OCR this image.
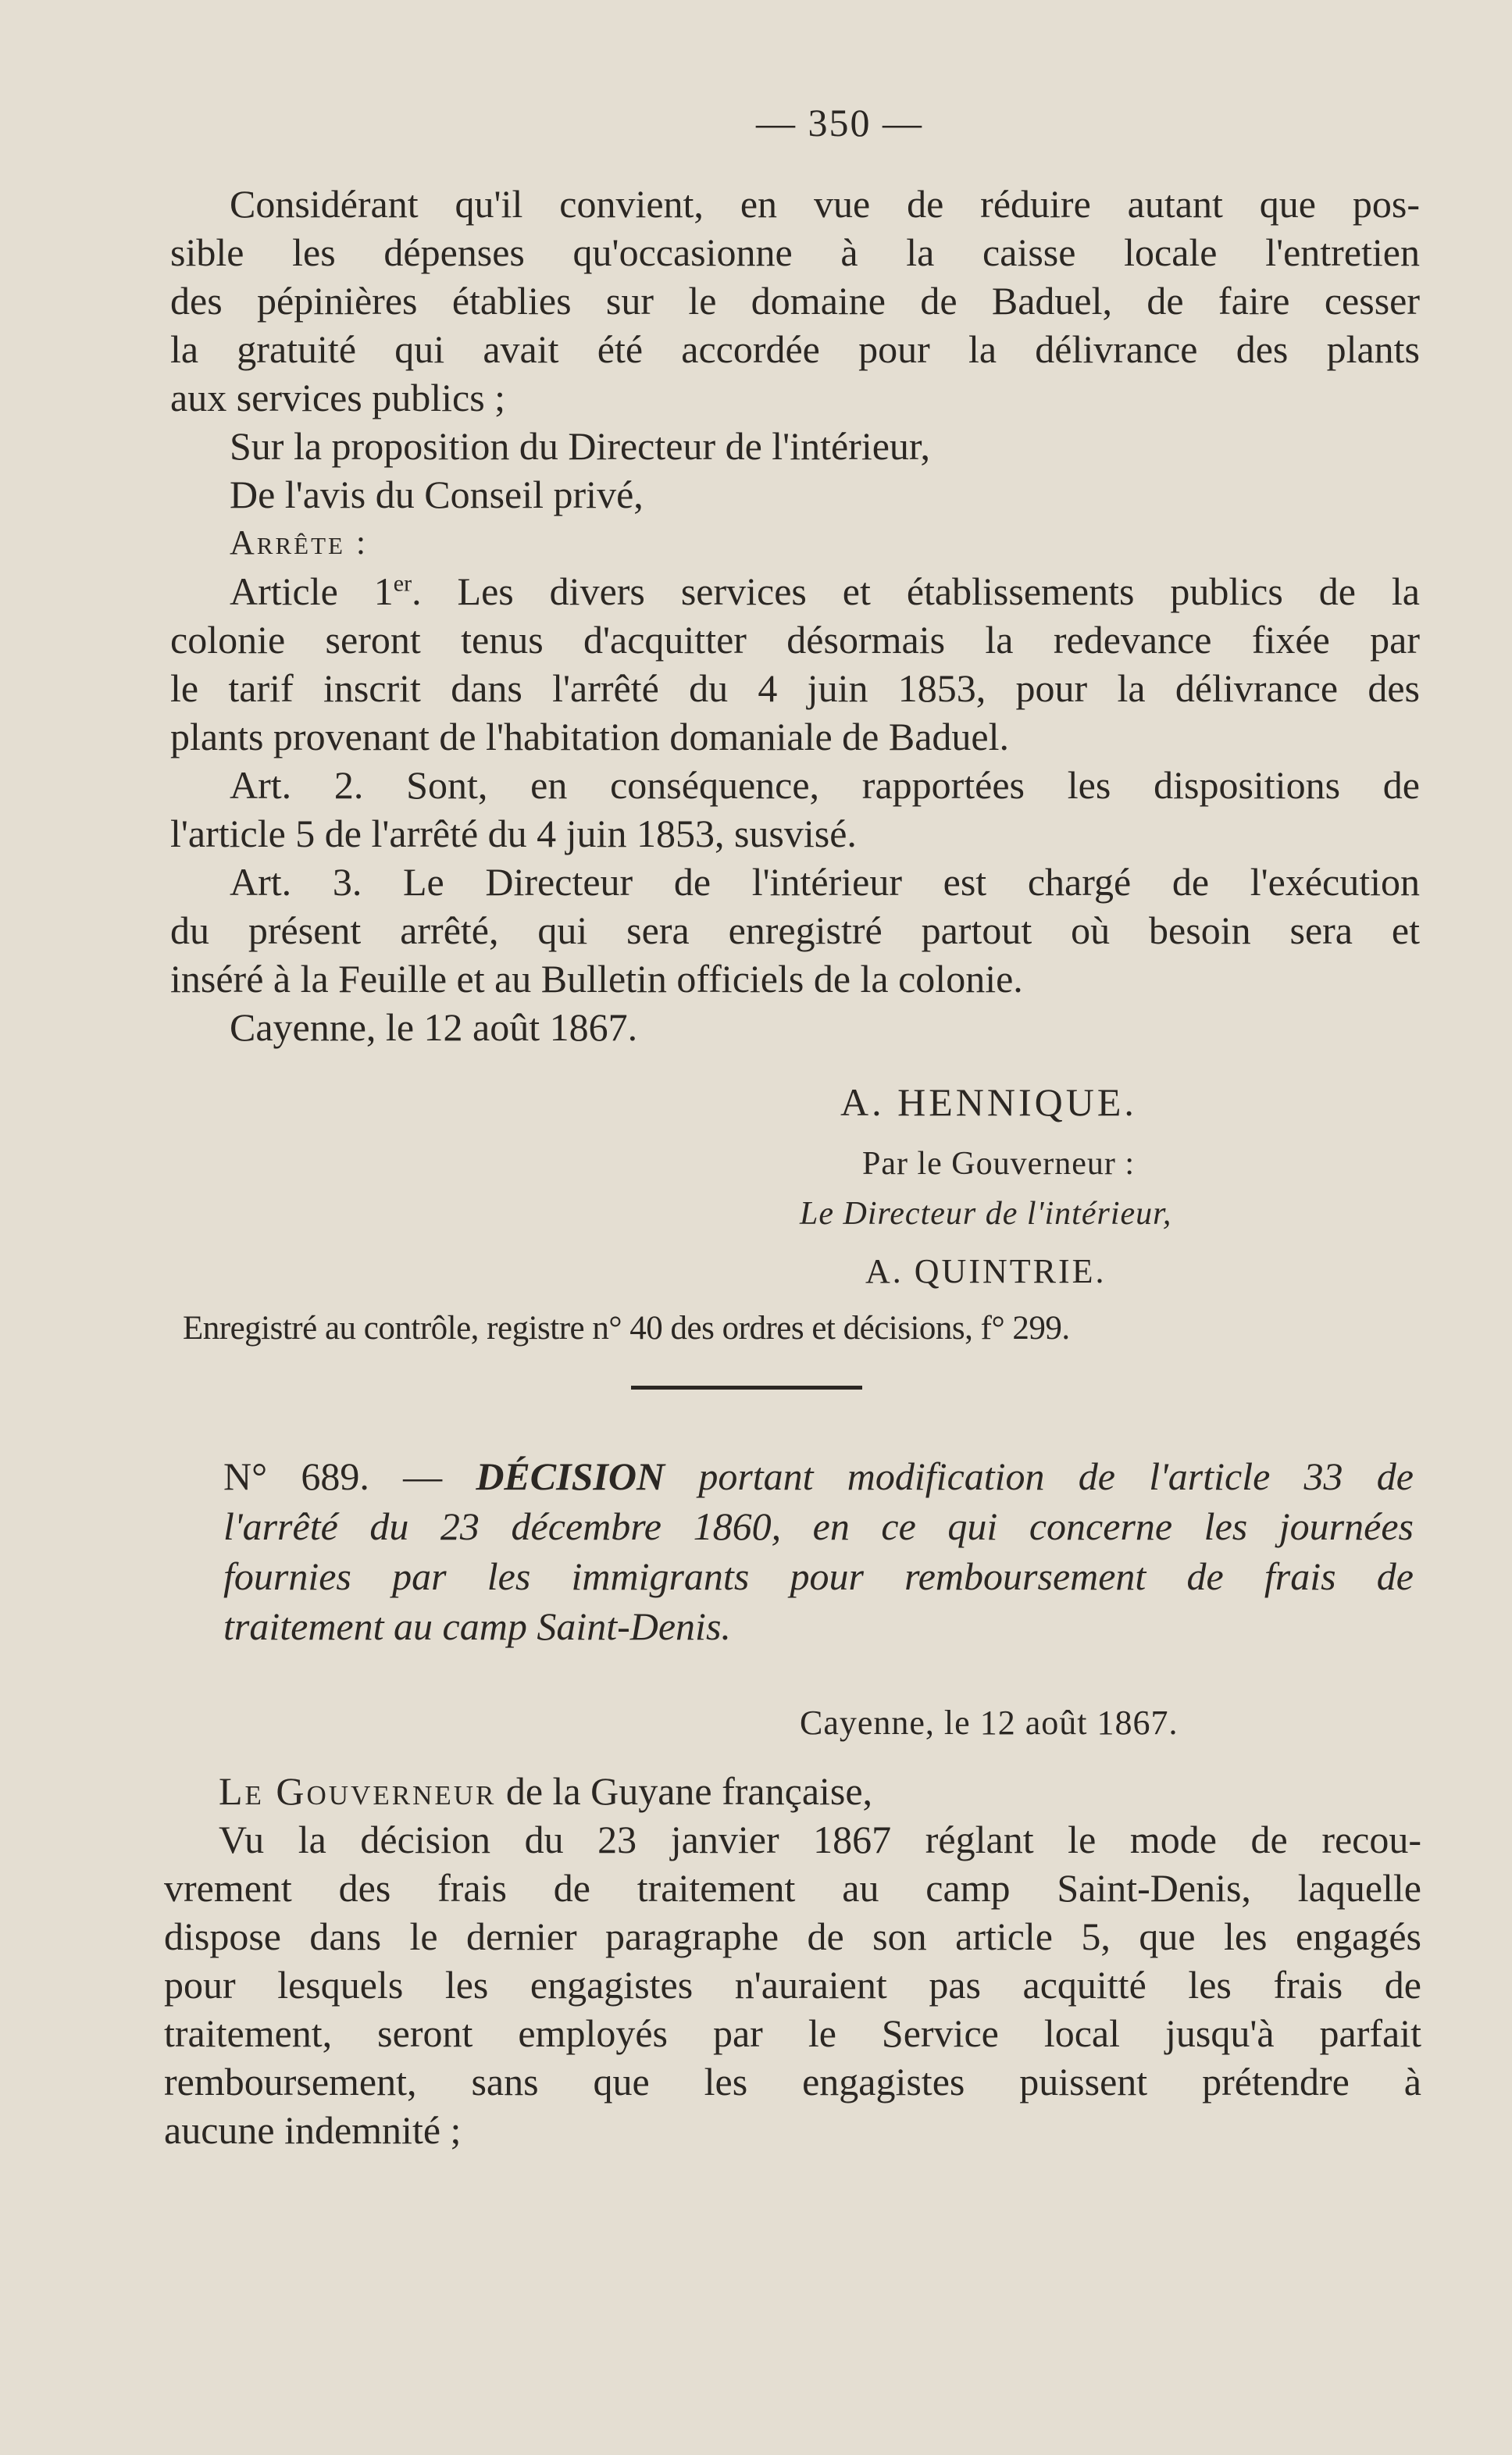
— 350 —
Considérant qu'il convient, en vue de réduire autant que pos-
sible les dépenses qu'occasionne à la caisse locale l'entretien
des pépinières établies sur le domaine de Baduel, de faire cesser
la gratuité qui avait été accordée pour la délivrance des plants
aux services publics ;
Sur la proposition du Directeur de l'intérieur,
De l'avis du Conseil privé,
Arrête :
Article 1er. Les divers services et établissements publics de la
colonie seront tenus d'acquitter désormais la redevance fixée par
le tarif inscrit dans l'arrêté du 4 juin 1853, pour la délivrance des
plants provenant de l'habitation domaniale de Baduel.
Art. 2. Sont, en conséquence, rapportées les dispositions de
l'article 5 de l'arrêté du 4 juin 1853, susvisé.
Art. 3. Le Directeur de l'intérieur est chargé de l'exécution
du présent arrêté, qui sera enregistré partout où besoin sera et
inséré à la Feuille et au Bulletin officiels de la colonie.
Cayenne, le 12 août 1867.
A. HENNIQUE.
Par le Gouverneur :
Le Directeur de l'intérieur,
A. QUINTRIE.
Enregistré au contrôle, registre n° 40 des ordres et décisions, f° 299.
N° 689. — DÉCISION portant modification de l'article 33 de
l'arrêté du 23 décembre 1860, en ce qui concerne les journées
fournies par les immigrants pour remboursement de frais de
traitement au camp Saint-Denis.
Cayenne, le 12 août 1867.
Le Gouverneur de la Guyane française,
Vu la décision du 23 janvier 1867 réglant le mode de recou-
vrement des frais de traitement au camp Saint-Denis, laquelle
dispose dans le dernier paragraphe de son article 5, que les engagés
pour lesquels les engagistes n'auraient pas acquitté les frais de
traitement, seront employés par le Service local jusqu'à parfait
remboursement, sans que les engagistes puissent prétendre à
aucune indemnité ;
